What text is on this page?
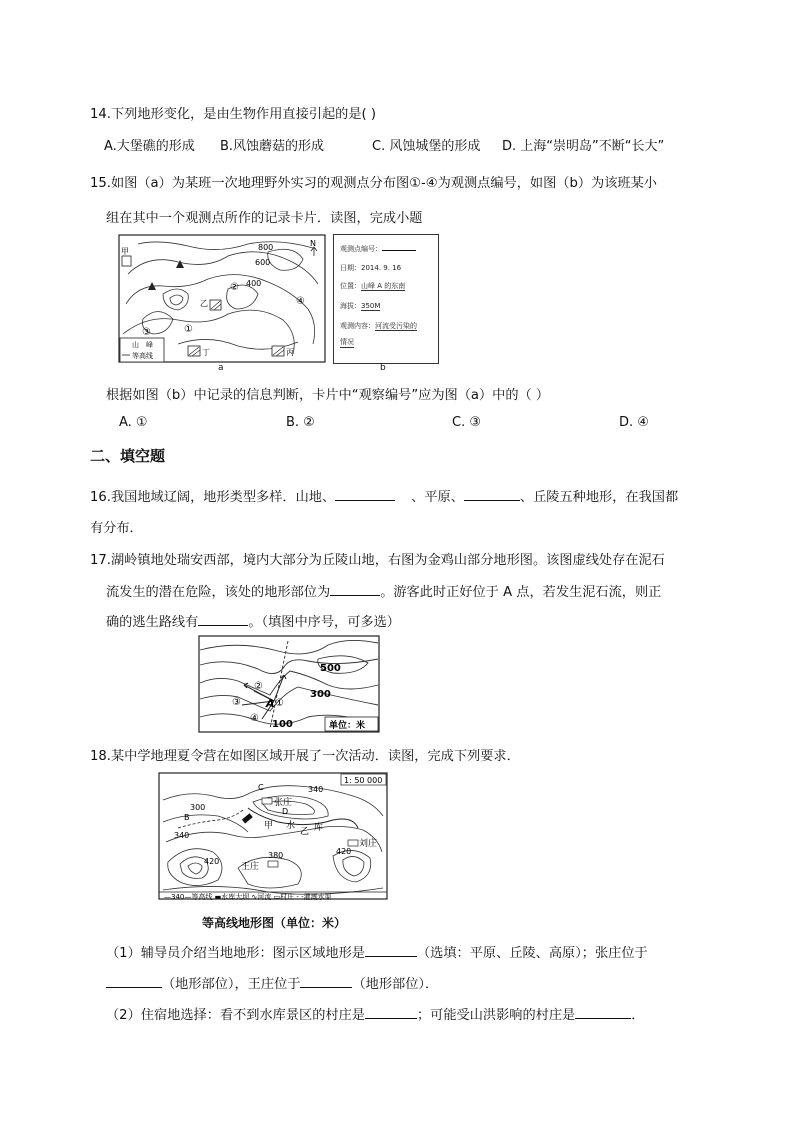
14.下列地形变化，是由生物作用直接引起的是( )
A.大堡礁的形成 B.风蚀蘑菇的形成	C. 风蚀城堡的形成 D. 上海“崇明岛”不断“长大”
15.如图（a）为某班一次地理野外实习的观测点分布图①-④为观测点编号，如图（b）为该班某小
组在其中一个观测点所作的记录卡片．读图，完成小题
800
600
400
N
①
②
③
④
甲
乙
丙
丁
山　峰
等高线
a
观测点编号：
日期：2014. 9. 16
位置：山峰 A 的东南
海拔：350M
观测内容：河流受污染的
情况
b
根据如图（b）中记录的信息判断，卡片中“观察编号”应为图（a）中的（ ）
A. ①	B. ②	C. ③	D. ④
二、填空题
16.我国地域辽阔，地形类型多样．山地、	、平原、	、丘陵五种地形，在我国都
有分布．
17.湖岭镇地处瑞安西部，境内大部分为丘陵山地，右图为金鸡山部分地形图。该图虚线处存在泥石
流发生的潜在危险，该处的地形部位为	。游客此时正好位于 A 点，若发生泥石流，则正
确的逃生路线有	。（填图中序号，可多选）
500
300
100
A ①
②
③
④
单位：米
18.某中学地理夏令营在如图区域开展了一次活动．读图，完成下列要求．
1: 50 000
340
300
340
420
380	420
张庄
王庄
刘庄
甲
乙
C
B
D
水 库
—340—等高线 ▬水库大坝 ∿河流 ▭村庄 - -灌溉水渠
等高线地形图（单位：米）
（1）辅导员介绍当地地形：图示区域地形是	（选填：平原、丘陵、高原）；张庄位于
（地形部位），王庄位于	（地形部位）．
（2）住宿地选择：看不到水库景区的村庄是	；可能受山洪影响的村庄是	．
